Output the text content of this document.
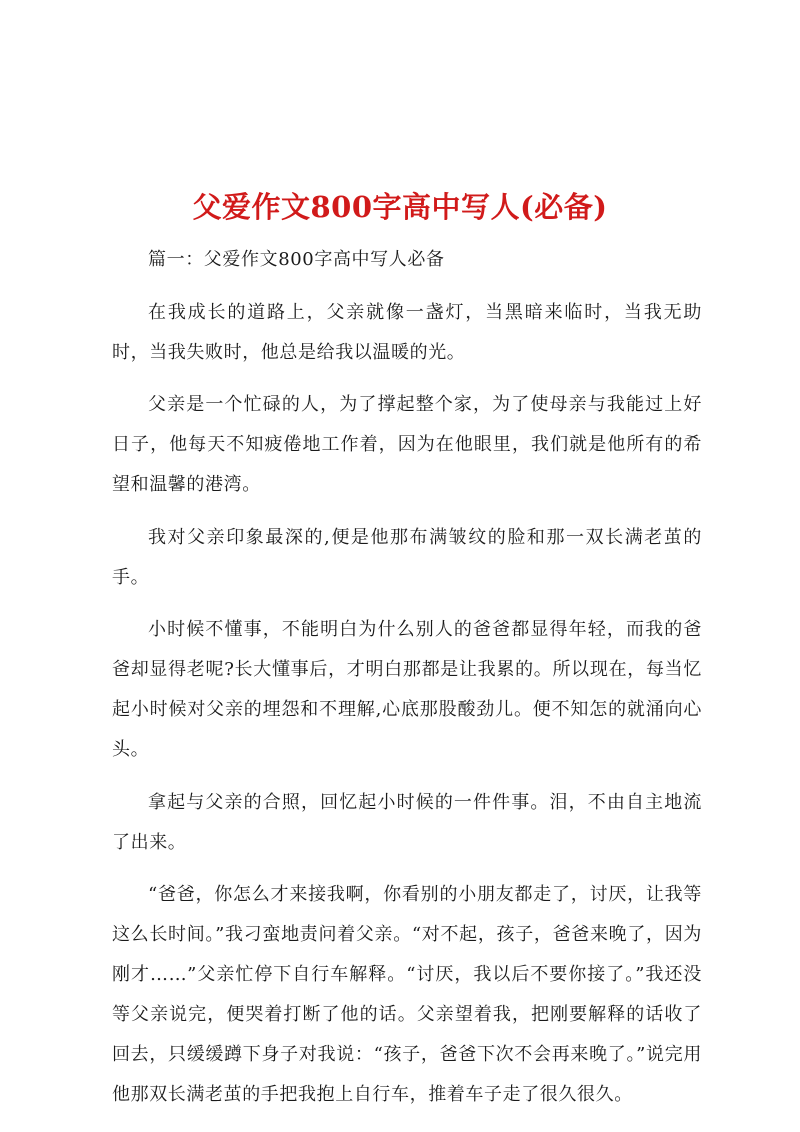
父爱作文800字高中写人(必备)

篇一：父爱作文800字高中写人必备

在我成长的道路上，父亲就像一盏灯，当黑暗来临时，当我无助时，当我失败时，他总是给我以温暖的光。

父亲是一个忙碌的人，为了撑起整个家，为了使母亲与我能过上好日子，他每天不知疲倦地工作着，因为在他眼里，我们就是他所有的希望和温馨的港湾。

我对父亲印象最深的,便是他那布满皱纹的脸和那一双长满老茧的手。

小时候不懂事，不能明白为什么别人的爸爸都显得年轻，而我的爸爸却显得老呢?长大懂事后，才明白那都是让我累的。所以现在，每当忆起小时候对父亲的埋怨和不理解,心底那股酸劲儿。便不知怎的就涌向心头。

拿起与父亲的合照，回忆起小时候的一件件事。泪，不由自主地流了出来。

“爸爸，你怎么才来接我啊，你看别的小朋友都走了，讨厌，让我等这么长时间。”我刁蛮地责问着父亲。“对不起，孩子，爸爸来晚了，因为刚才……”父亲忙停下自行车解释。“讨厌，我以后不要你接了。”我还没等父亲说完，便哭着打断了他的话。父亲望着我，把刚要解释的话收了回去，只缓缓蹲下身子对我说：“孩子，爸爸下次不会再来晚了。”说完用他那双长满老茧的手把我抱上自行车，推着车子走了很久很久。
